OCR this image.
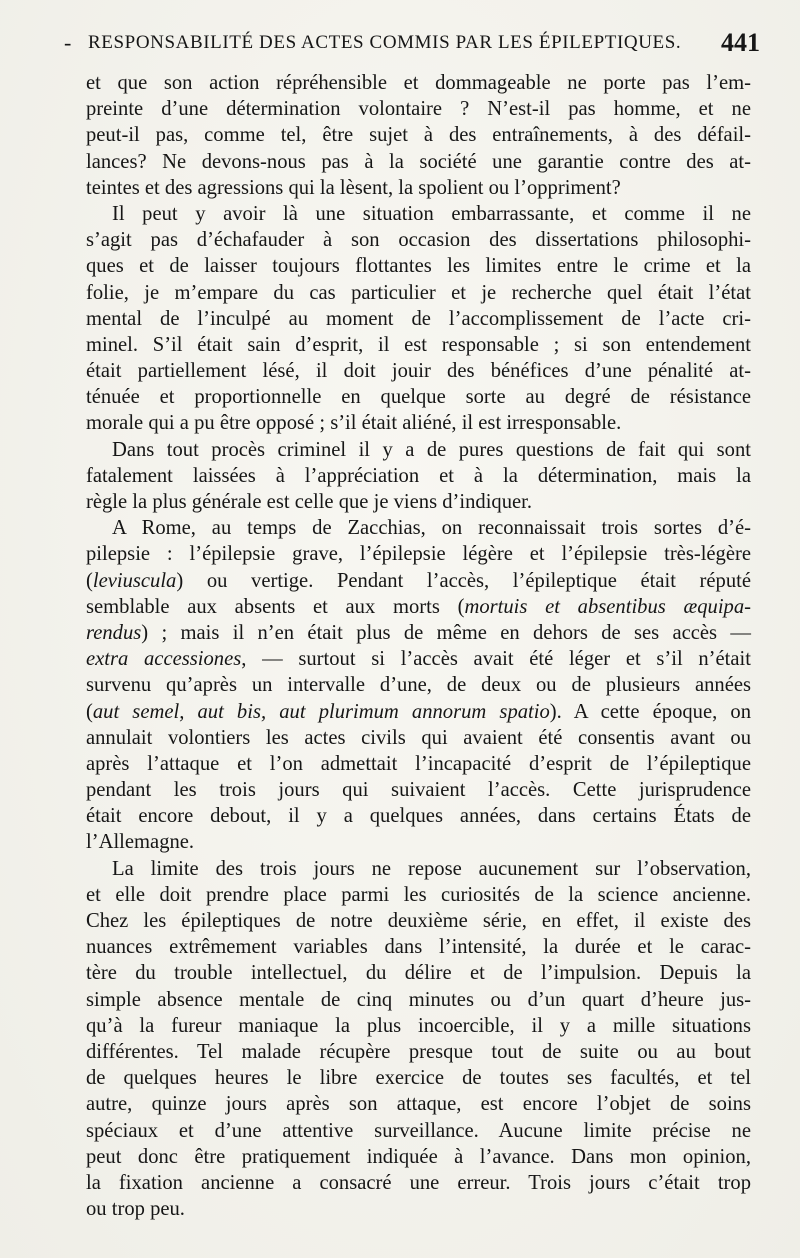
- RESPONSABILITÉ DES ACTES COMMIS PAR LES ÉPILEPTIQUES. 441
et que son action répréhensible et dommageable ne porte pas l’em-
preinte d’une détermination volontaire ? N’est-il pas homme, et ne
peut-il pas, comme tel, être sujet à des entraînements, à des défail-
lances? Ne devons-nous pas à la société une garantie contre des at-
teintes et des agressions qui la lèsent, la spolient ou l’oppriment?
Il peut y avoir là une situation embarrassante, et comme il ne
s’agit pas d’échafauder à son occasion des dissertations philosophi-
ques et de laisser toujours flottantes les limites entre le crime et la
folie, je m’empare du cas particulier et je recherche quel était l’état
mental de l’inculpé au moment de l’accomplissement de l’acte cri-
minel. S’il était sain d’esprit, il est responsable ; si son entendement
était partiellement lésé, il doit jouir des bénéfices d’une pénalité at-
ténuée et proportionnelle en quelque sorte au degré de résistance
morale qui a pu être opposé ; s’il était aliéné, il est irresponsable.
Dans tout procès criminel il y a de pures questions de fait qui sont
fatalement laissées à l’appréciation et à la détermination, mais la
règle la plus générale est celle que je viens d’indiquer.
A Rome, au temps de Zacchias, on reconnaissait trois sortes d’é-
pilepsie : l’épilepsie grave, l’épilepsie légère et l’épilepsie très-légère
(leviuscula) ou vertige. Pendant l’accès, l’épileptique était réputé
semblable aux absents et aux morts (mortuis et absentibus æquipa-
rendus) ; mais il n’en était plus de même en dehors de ses accès —
extra accessiones, — surtout si l’accès avait été léger et s’il n’était
survenu qu’après un intervalle d’une, de deux ou de plusieurs années
(aut semel, aut bis, aut plurimum annorum spatio). A cette époque, on
annulait volontiers les actes civils qui avaient été consentis avant ou
après l’attaque et l’on admettait l’incapacité d’esprit de l’épileptique
pendant les trois jours qui suivaient l’accès. Cette jurisprudence
était encore debout, il y a quelques années, dans certains États de
l’Allemagne.
La limite des trois jours ne repose aucunement sur l’observation,
et elle doit prendre place parmi les curiosités de la science ancienne.
Chez les épileptiques de notre deuxième série, en effet, il existe des
nuances extrêmement variables dans l’intensité, la durée et le carac-
tère du trouble intellectuel, du délire et de l’impulsion. Depuis la
simple absence mentale de cinq minutes ou d’un quart d’heure jus-
qu’à la fureur maniaque la plus incoercible, il y a mille situations
différentes. Tel malade récupère presque tout de suite ou au bout
de quelques heures le libre exercice de toutes ses facultés, et tel
autre, quinze jours après son attaque, est encore l’objet de soins
spéciaux et d’une attentive surveillance. Aucune limite précise ne
peut donc être pratiquement indiquée à l’avance. Dans mon opinion,
la fixation ancienne a consacré une erreur. Trois jours c’était trop
ou trop peu.
